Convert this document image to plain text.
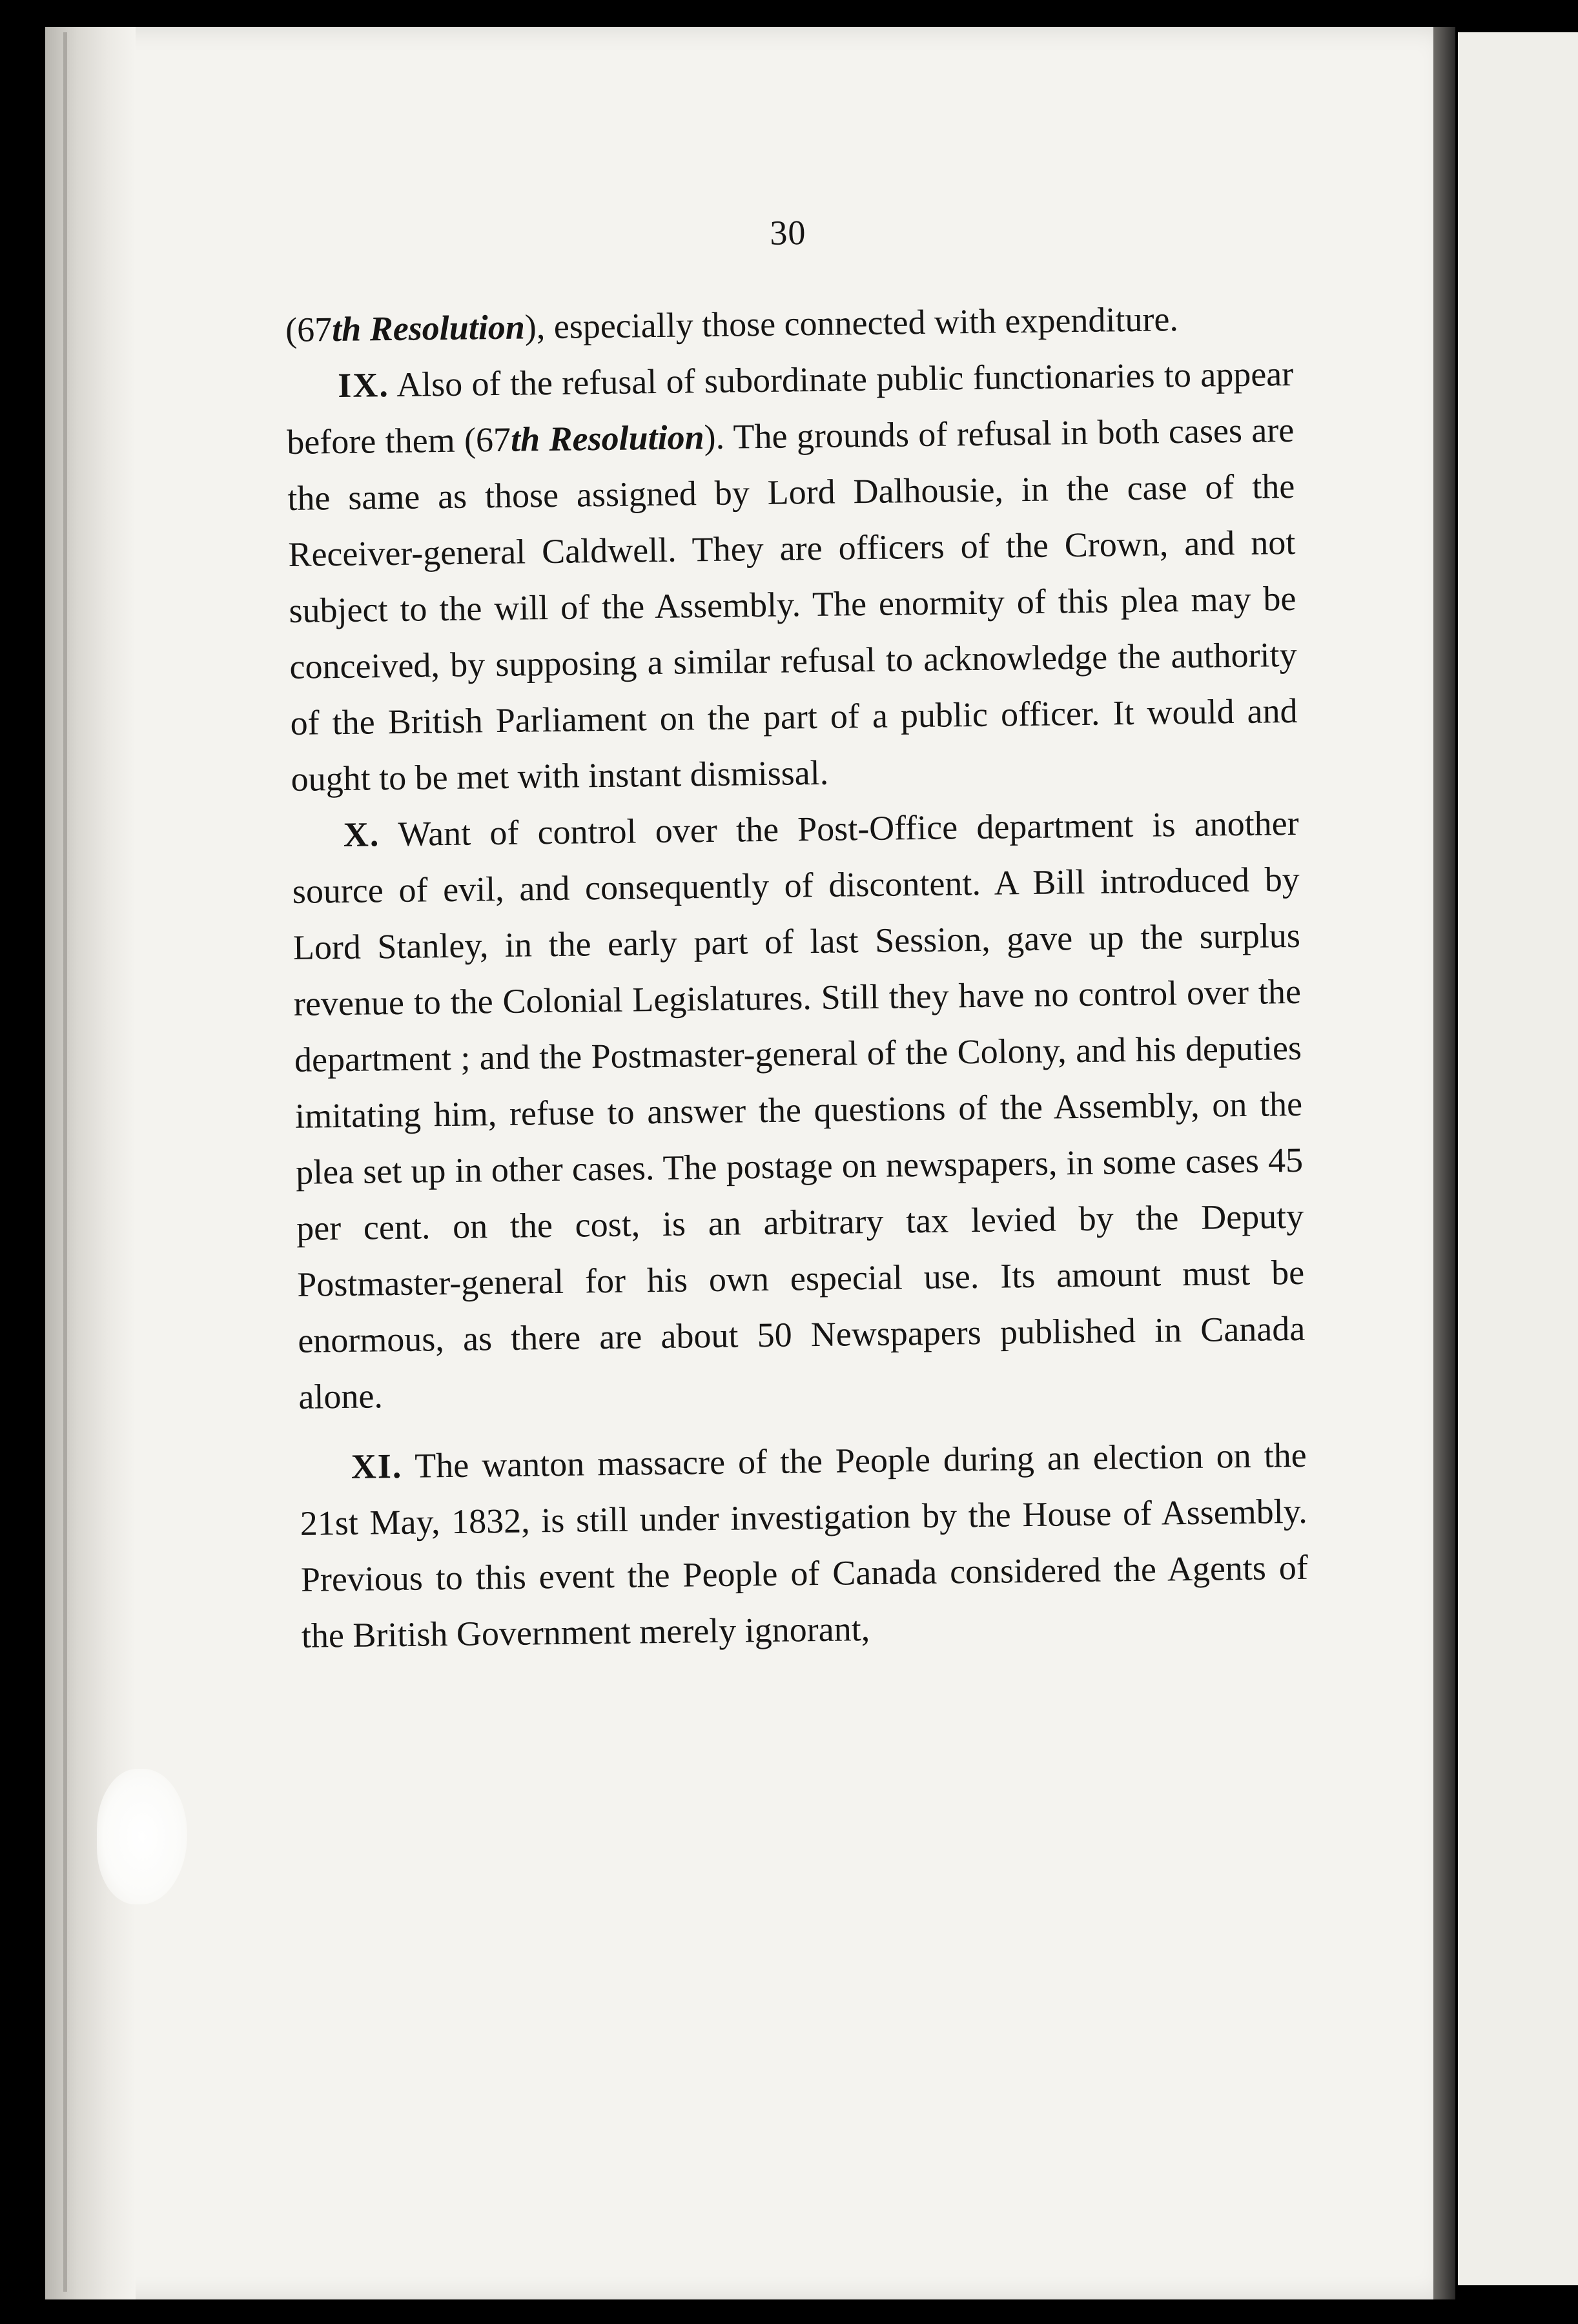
30

(67th Resolution), especially those connected with expenditure.

IX. Also of the refusal of subordinate public functionaries to appear before them (67th Resolution). The grounds of refusal in both cases are the same as those assigned by Lord Dalhousie, in the case of the Receiver-general Caldwell. They are officers of the Crown, and not subject to the will of the Assembly. The enormity of this plea may be conceived, by supposing a similar refusal to acknowledge the authority of the British Parliament on the part of a public officer. It would and ought to be met with instant dismissal.

X. Want of control over the Post-Office department is another source of evil, and consequently of discontent. A Bill introduced by Lord Stanley, in the early part of last Session, gave up the surplus revenue to the Colonial Legislatures. Still they have no control over the department ; and the Postmaster-general of the Colony, and his deputies imitating him, refuse to answer the questions of the Assembly, on the plea set up in other cases. The postage on newspapers, in some cases 45 per cent. on the cost, is an arbitrary tax levied by the Deputy Postmaster-general for his own especial use. Its amount must be enormous, as there are about 50 Newspapers published in Canada alone.

XI. The wanton massacre of the People during an election on the 21st May, 1832, is still under investigation by the House of Assembly. Previous to this event the People of Canada considered the Agents of the British Government merely ignorant,
